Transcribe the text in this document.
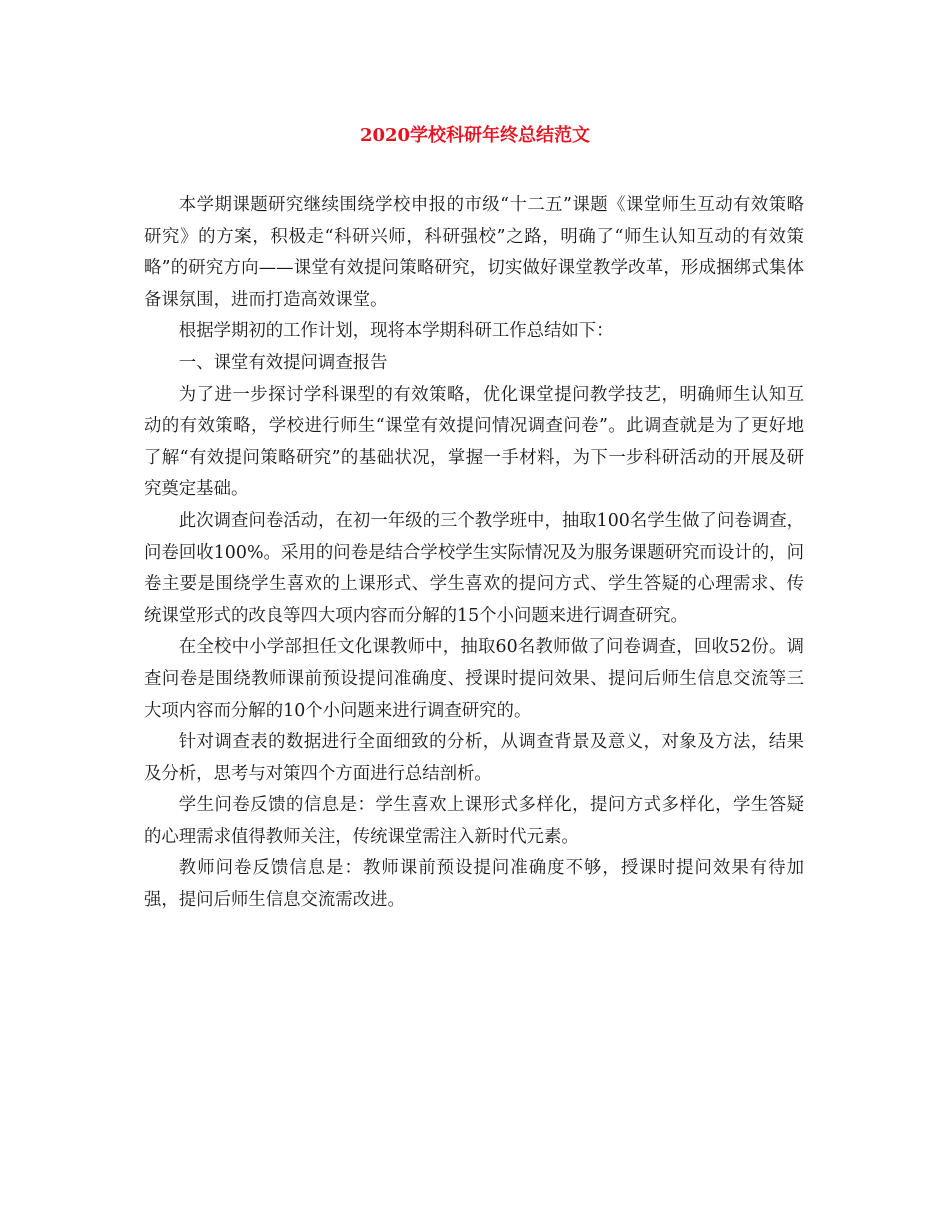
2020学校科研年终总结范文

本学期课题研究继续围绕学校申报的市级“十二五”课题《课堂师生互动有效策略研究》的方案，积极走“科研兴师，科研强校”之路，明确了“师生认知互动的有效策略”的研究方向——课堂有效提问策略研究，切实做好课堂教学改革，形成捆绑式集体备课氛围，进而打造高效课堂。

根据学期初的工作计划，现将本学期科研工作总结如下：

一、课堂有效提问调查报告

为了进一步探讨学科课型的有效策略，优化课堂提问教学技艺，明确师生认知互动的有效策略，学校进行师生“课堂有效提问情况调查问卷”。此调查就是为了更好地了解“有效提问策略研究”的基础状况，掌握一手材料，为下一步科研活动的开展及研究奠定基础。

此次调查问卷活动，在初一年级的三个教学班中，抽取100名学生做了问卷调查，问卷回收100%。采用的问卷是结合学校学生实际情况及为服务课题研究而设计的，问卷主要是围绕学生喜欢的上课形式、学生喜欢的提问方式、学生答疑的心理需求、传统课堂形式的改良等四大项内容而分解的15个小问题来进行调查研究。

在全校中小学部担任文化课教师中，抽取60名教师做了问卷调查，回收52份。调查问卷是围绕教师课前预设提问准确度、授课时提问效果、提问后师生信息交流等三大项内容而分解的10个小问题来进行调查研究的。

针对调查表的数据进行全面细致的分析，从调查背景及意义，对象及方法，结果及分析，思考与对策四个方面进行总结剖析。

学生问卷反馈的信息是：学生喜欢上课形式多样化，提问方式多样化，学生答疑的心理需求值得教师关注，传统课堂需注入新时代元素。

教师问卷反馈信息是：教师课前预设提问准确度不够，授课时提问效果有待加强，提问后师生信息交流需改进。
